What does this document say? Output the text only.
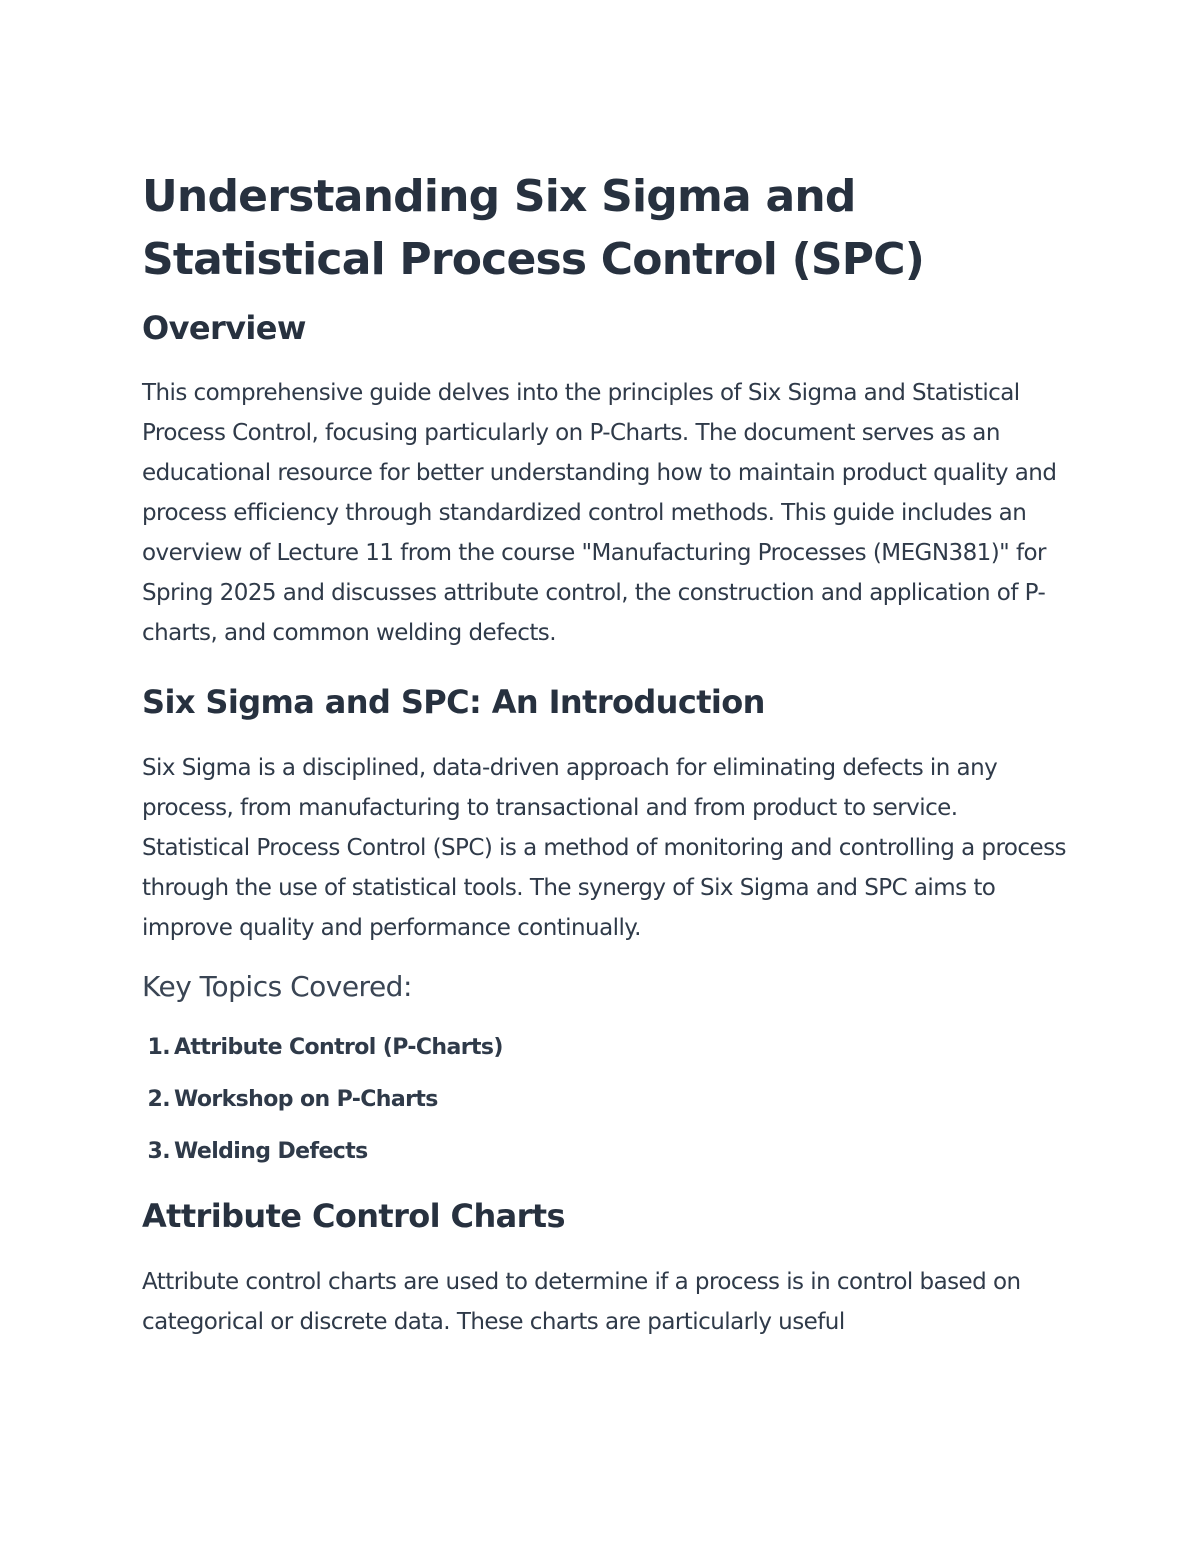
Understanding Six Sigma and Statistical Process Control (SPC)
Overview

This comprehensive guide delves into the principles of Six Sigma and Statistical Process Control, focusing particularly on P-Charts. The document serves as an educational resource for better understanding how to maintain product quality and process efficiency through standardized control methods. This guide includes an overview of Lecture 11 from the course "Manufacturing Processes (MEGN381)" for Spring 2025 and discusses attribute control, the construction and application of P-charts, and common welding defects.

Six Sigma and SPC: An Introduction

Six Sigma is a disciplined, data-driven approach for eliminating defects in any process, from manufacturing to transactional and from product to service. Statistical Process Control (SPC) is a method of monitoring and controlling a process through the use of statistical tools. The synergy of Six Sigma and SPC aims to improve quality and performance continually.

Key Topics Covered:
1. Attribute Control (P-Charts)
2. Workshop on P-Charts
3. Welding Defects
Attribute Control Charts

Attribute control charts are used to determine if a process is in control based on categorical or discrete data. These charts are particularly useful
